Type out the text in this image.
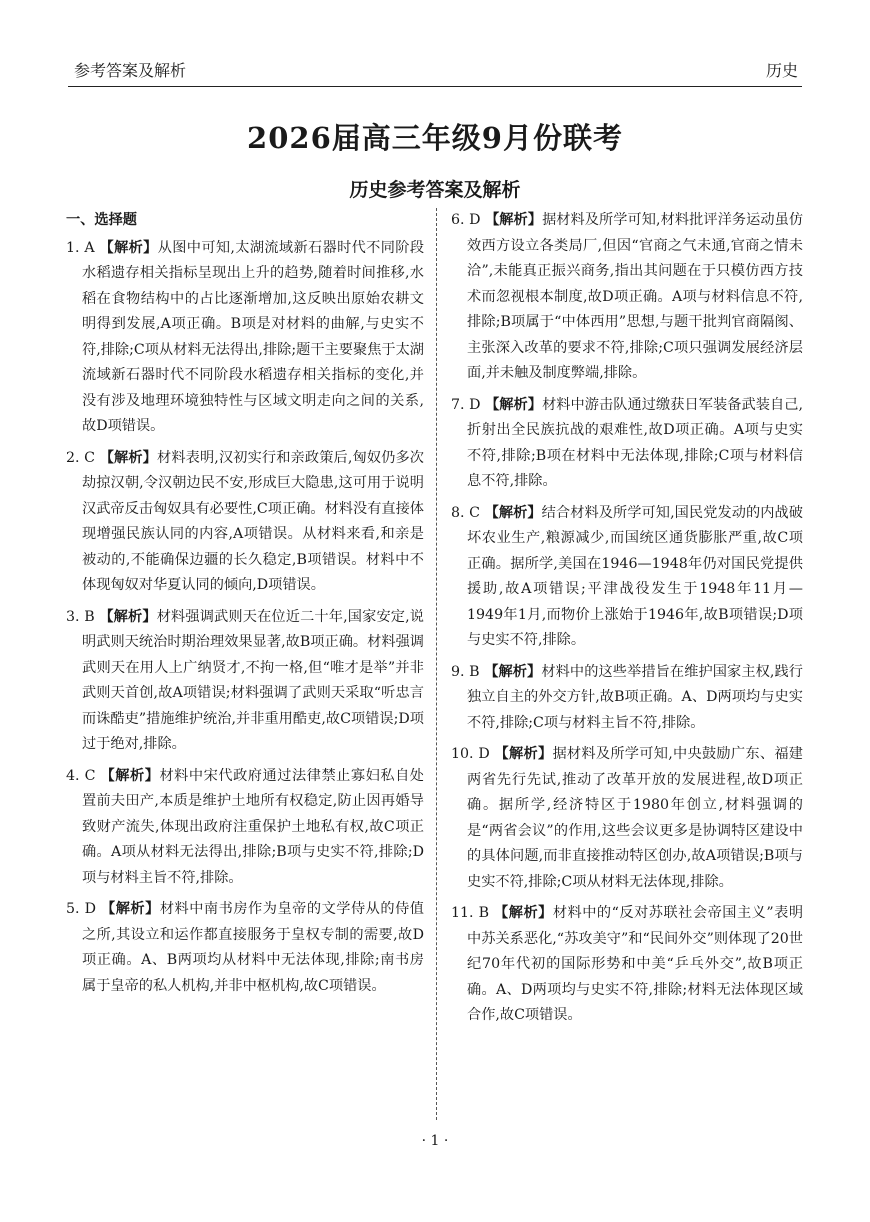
参考答案及解析	历史
2026届高三年级9月份联考
历史参考答案及解析
一、选择题
1. A 【解析】从图中可知,太湖流域新石器时代不同阶段水稻遗存相关指标呈现出上升的趋势,随着时间推移,水稻在食物结构中的占比逐渐增加,这反映出原始农耕文明得到发展,A项正确。B项是对材料的曲解,与史实不符,排除;C项从材料无法得出,排除;题干主要聚焦于太湖流域新石器时代不同阶段水稻遗存相关指标的变化,并没有涉及地理环境独特性与区域文明走向之间的关系,故D项错误。
2. C 【解析】材料表明,汉初实行和亲政策后,匈奴仍多次劫掠汉朝,令汉朝边民不安,形成巨大隐患,这可用于说明汉武帝反击匈奴具有必要性,C项正确。材料没有直接体现增强民族认同的内容,A项错误。从材料来看,和亲是被动的,不能确保边疆的长久稳定,B项错误。材料中不体现匈奴对华夏认同的倾向,D项错误。
3. B 【解析】材料强调武则天在位近二十年,国家安定,说明武则天统治时期治理效果显著,故B项正确。材料强调武则天在用人上广纳贤才,不拘一格,但“唯才是举”并非武则天首创,故A项错误;材料强调了武则天采取“听忠言而诛酷吏”措施维护统治,并非重用酷吏,故C项错误;D项过于绝对,排除。
4. C 【解析】材料中宋代政府通过法律禁止寡妇私自处置前夫田产,本质是维护土地所有权稳定,防止因再婚导致财产流失,体现出政府注重保护土地私有权,故C项正确。A项从材料无法得出,排除;B项与史实不符,排除;D项与材料主旨不符,排除。
5. D 【解析】材料中南书房作为皇帝的文学侍从的侍值之所,其设立和运作都直接服务于皇权专制的需要,故D项正确。A、B两项均从材料中无法体现,排除;南书房属于皇帝的私人机构,并非中枢机构,故C项错误。
6. D 【解析】据材料及所学可知,材料批评洋务运动虽仿效西方设立各类局厂,但因“官商之气未通,官商之情未洽”,未能真正振兴商务,指出其问题在于只模仿西方技术而忽视根本制度,故D项正确。A项与材料信息不符,排除;B项属于“中体西用”思想,与题干批判官商隔阂、主张深入改革的要求不符,排除;C项只强调发展经济层面,并未触及制度弊端,排除。
7. D 【解析】材料中游击队通过缴获日军装备武装自己,折射出全民族抗战的艰难性,故D项正确。A项与史实不符,排除;B项在材料中无法体现,排除;C项与材料信息不符,排除。
8. C 【解析】结合材料及所学可知,国民党发动的内战破坏农业生产,粮源减少,而国统区通货膨胀严重,故C项正确。据所学,美国在1946—1948年仍对国民党提供援助,故A项错误;平津战役发生于1948年11月—1949年1月,而物价上涨始于1946年,故B项错误;D项与史实不符,排除。
9. B 【解析】材料中的这些举措旨在维护国家主权,践行独立自主的外交方针,故B项正确。A、D两项均与史实不符,排除;C项与材料主旨不符,排除。
10. D 【解析】据材料及所学可知,中央鼓励广东、福建两省先行先试,推动了改革开放的发展进程,故D项正确。据所学,经济特区于1980年创立,材料强调的是“两省会议”的作用,这些会议更多是协调特区建设中的具体问题,而非直接推动特区创办,故A项错误;B项与史实不符,排除;C项从材料无法体现,排除。
11. B 【解析】材料中的“反对苏联社会帝国主义”表明中苏关系恶化,“苏攻美守”和“民间外交”则体现了20世纪70年代初的国际形势和中美“乒乓外交”,故B项正确。A、D两项均与史实不符,排除;材料无法体现区域合作,故C项错误。
· 1 ·
